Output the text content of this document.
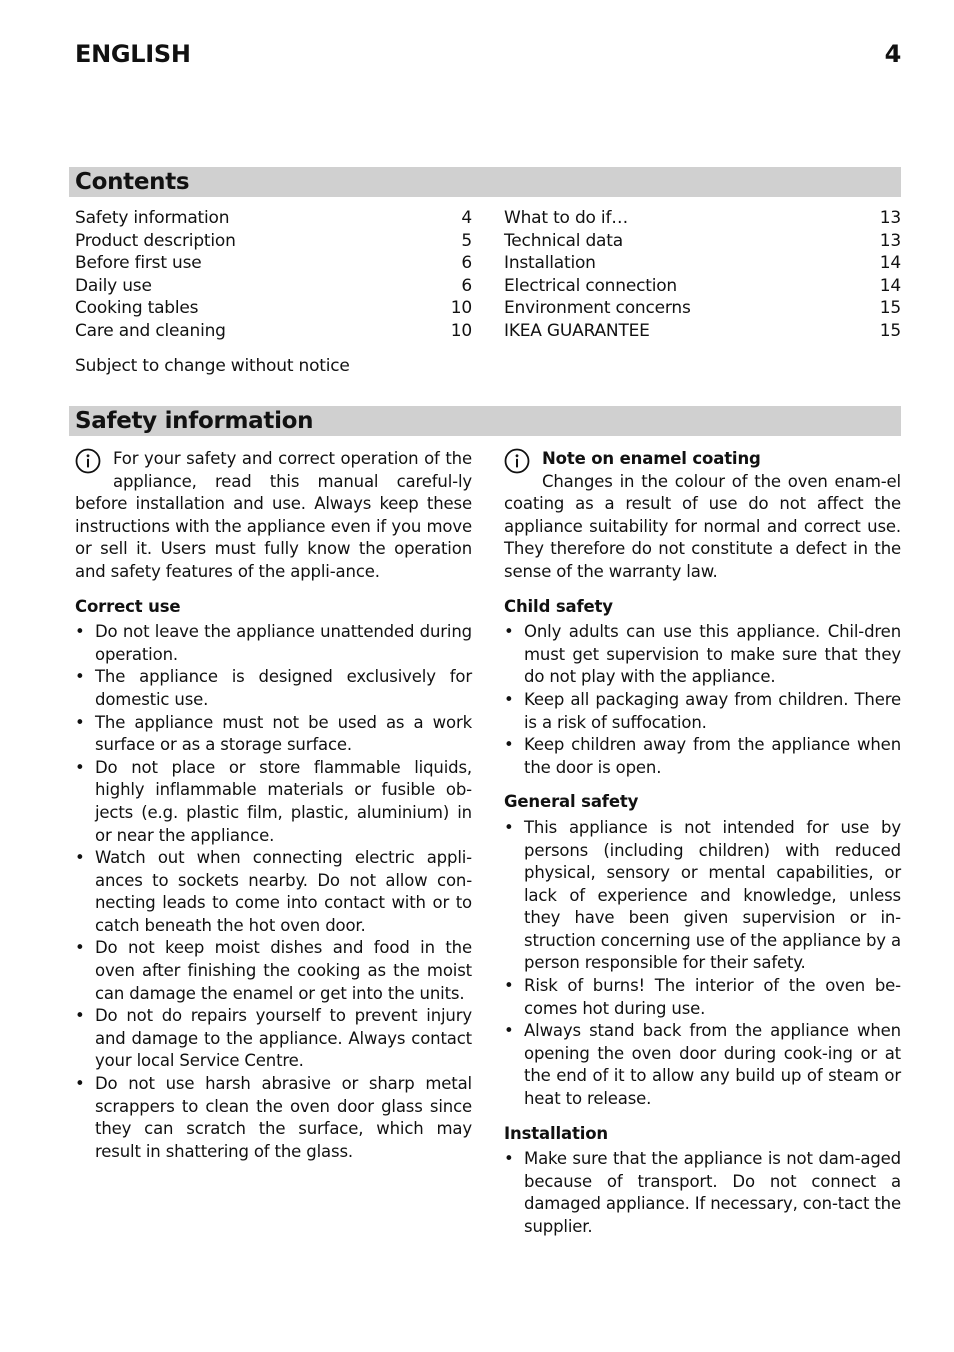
ENGLISH	4
Contents
Safety information	4
Product description	5
Before first use	6
Daily use	6
Cooking tables	10
Care and cleaning	10
What to do if…	13
Technical data	13
Installation	14
Electrical connection	14
Environment concerns	15
IKEA GUARANTEE	15
Subject to change without notice
Safety information

For your safety and correct operation of the appliance, read this manual careful-ly before installation and use. Always keep these instructions with the appliance even if you move or sell it. Users must fully know the operation and safety features of the appli-ance.

Correct use
• Do not leave the appliance unattended during operation.
• The appliance is designed exclusively for domestic use.
• The appliance must not be used as a work surface or as a storage surface.
• Do not place or store flammable liquids, highly inflammable materials or fusible ob-jects (e.g. plastic film, plastic, aluminium) in or near the appliance.
• Watch out when connecting electric appli-ances to sockets nearby. Do not allow con-necting leads to come into contact with or to catch beneath the hot oven door.
• Do not keep moist dishes and food in the oven after finishing the cooking as the moist can damage the enamel or get into the units.
• Do not do repairs yourself to prevent injury and damage to the appliance. Always contact your local Service Centre.
• Do not use harsh abrasive or sharp metal scrappers to clean the oven door glass since they can scratch the surface, which may result in shattering of the glass.

Note on enamel coating
Changes in the colour of the oven enam-el coating as a result of use do not affect the appliance suitability for normal and correct use. They therefore do not constitute a defect in the sense of the warranty law.

Child safety
• Only adults can use this appliance. Chil-dren must get supervision to make sure that they do not play with the appliance.
• Keep all packaging away from children. There is a risk of suffocation.
• Keep children away from the appliance when the door is open.
General safety
• This appliance is not intended for use by persons (including children) with reduced physical, sensory or mental capabilities, or lack of experience and knowledge, unless they have been given supervision or in-struction concerning use of the appliance by a person responsible for their safety.
• Risk of burns! The interior of the oven be-comes hot during use.
• Always stand back from the appliance when opening the oven door during cook-ing or at the end of it to allow any build up of steam or heat to release.
Installation
• Make sure that the appliance is not dam-aged because of transport. Do not connect a damaged appliance. If necessary, con-tact the supplier.
